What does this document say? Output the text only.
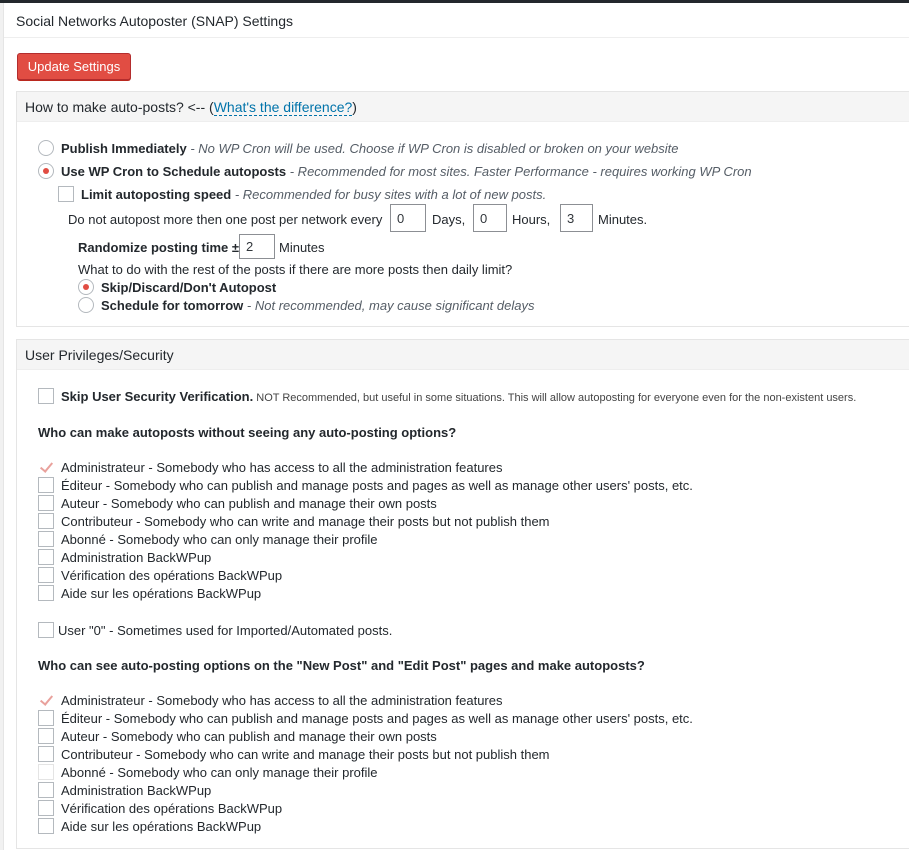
Social Networks Autoposter (SNAP) Settings
Update Settings
How to make auto-posts? <-- (What's the difference?)
Publish Immediately - No WP Cron will be used. Choose if WP Cron is disabled or broken on your website
Use WP Cron to Schedule autoposts - Recommended for most sites. Faster Performance - requires working WP Cron
Limit autoposting speed - Recommended for busy sites with a lot of new posts.
Do not autopost more then one post per network every
0	Days,
0	Hours,
3	Minutes.
Randomize posting time ±
2	Minutes
What to do with the rest of the posts if there are more posts then daily limit?
Skip/Discard/Don't Autopost
Schedule for tomorrow - Not recommended, may cause significant delays
User Privileges/Security
Skip User Security Verification. NOT Recommended, but useful in some situations. This will allow autoposting for everyone even for the non-existent users.
Who can make autoposts without seeing any auto-posting options?
Administrateur - Somebody who has access to all the administration features
Éditeur - Somebody who can publish and manage posts and pages as well as manage other users' posts, etc.
Auteur - Somebody who can publish and manage their own posts
Contributeur - Somebody who can write and manage their posts but not publish them
Abonné - Somebody who can only manage their profile
Administration BackWPup
Vérification des opérations BackWPup
Aide sur les opérations BackWPup
User "0" - Sometimes used for Imported/Automated posts.
Who can see auto-posting options on the "New Post" and "Edit Post" pages and make autoposts?
Administrateur - Somebody who has access to all the administration features
Éditeur - Somebody who can publish and manage posts and pages as well as manage other users' posts, etc.
Auteur - Somebody who can publish and manage their own posts
Contributeur - Somebody who can write and manage their posts but not publish them
Abonné - Somebody who can only manage their profile
Administration BackWPup
Vérification des opérations BackWPup
Aide sur les opérations BackWPup
